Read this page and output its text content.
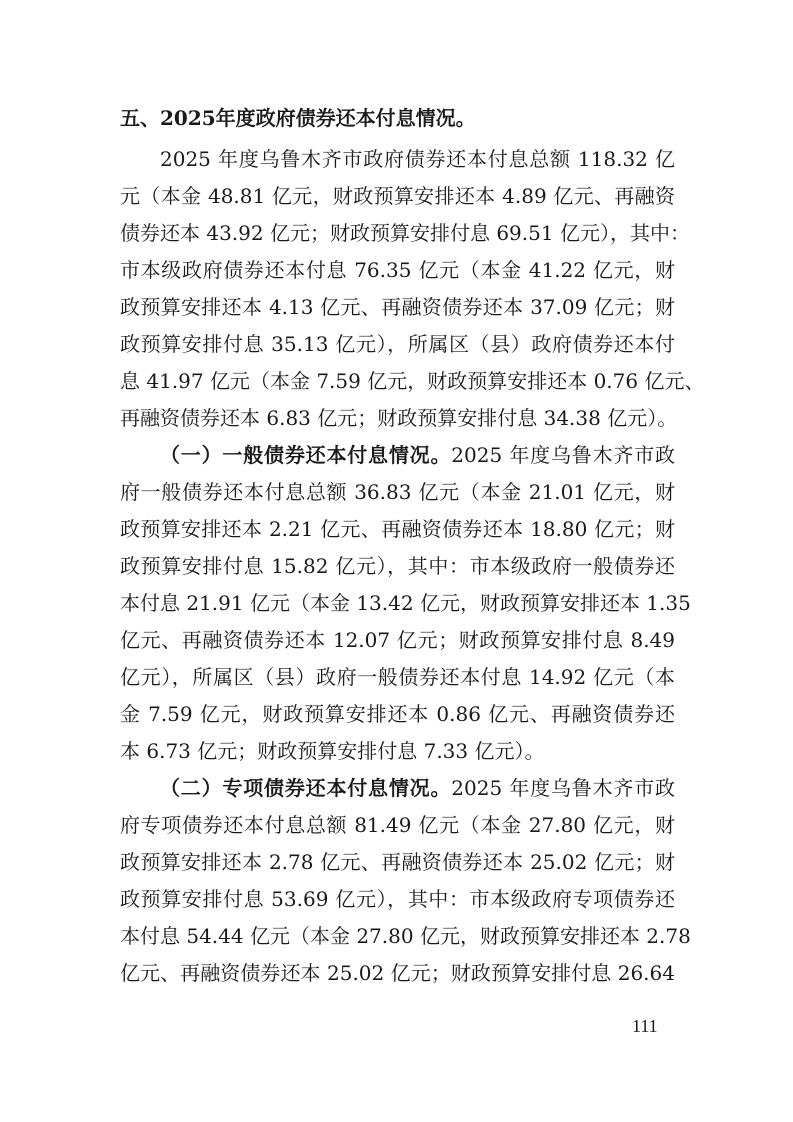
五、2025年度政府债券还本付息情况。
2025 年度乌鲁木齐市政府债券还本付息总额 118.32 亿
元（本金 48.81 亿元，财政预算安排还本 4.89 亿元、再融资
债券还本 43.92 亿元；财政预算安排付息 69.51 亿元），其中：
市本级政府债券还本付息 76.35 亿元（本金 41.22 亿元，财
政预算安排还本 4.13 亿元、再融资债券还本 37.09 亿元；财
政预算安排付息 35.13 亿元），所属区（县）政府债券还本付
息 41.97 亿元（本金 7.59 亿元，财政预算安排还本 0.76 亿元、
再融资债券还本 6.83 亿元；财政预算安排付息 34.38 亿元）。
（一）一般债券还本付息情况。2025 年度乌鲁木齐市政
府一般债券还本付息总额 36.83 亿元（本金 21.01 亿元，财
政预算安排还本 2.21 亿元、再融资债券还本 18.80 亿元；财
政预算安排付息 15.82 亿元），其中：市本级政府一般债券还
本付息 21.91 亿元（本金 13.42 亿元，财政预算安排还本 1.35
亿元、再融资债券还本 12.07 亿元；财政预算安排付息 8.49
亿元），所属区（县）政府一般债券还本付息 14.92 亿元（本
金 7.59 亿元，财政预算安排还本 0.86 亿元、再融资债券还
本 6.73 亿元；财政预算安排付息 7.33 亿元）。
（二）专项债券还本付息情况。2025 年度乌鲁木齐市政
府专项债券还本付息总额 81.49 亿元（本金 27.80 亿元，财
政预算安排还本 2.78 亿元、再融资债券还本 25.02 亿元；财
政预算安排付息 53.69 亿元），其中：市本级政府专项债券还
本付息 54.44 亿元（本金 27.80 亿元，财政预算安排还本 2.78
亿元、再融资债券还本 25.02 亿元；财政预算安排付息 26.64
111
